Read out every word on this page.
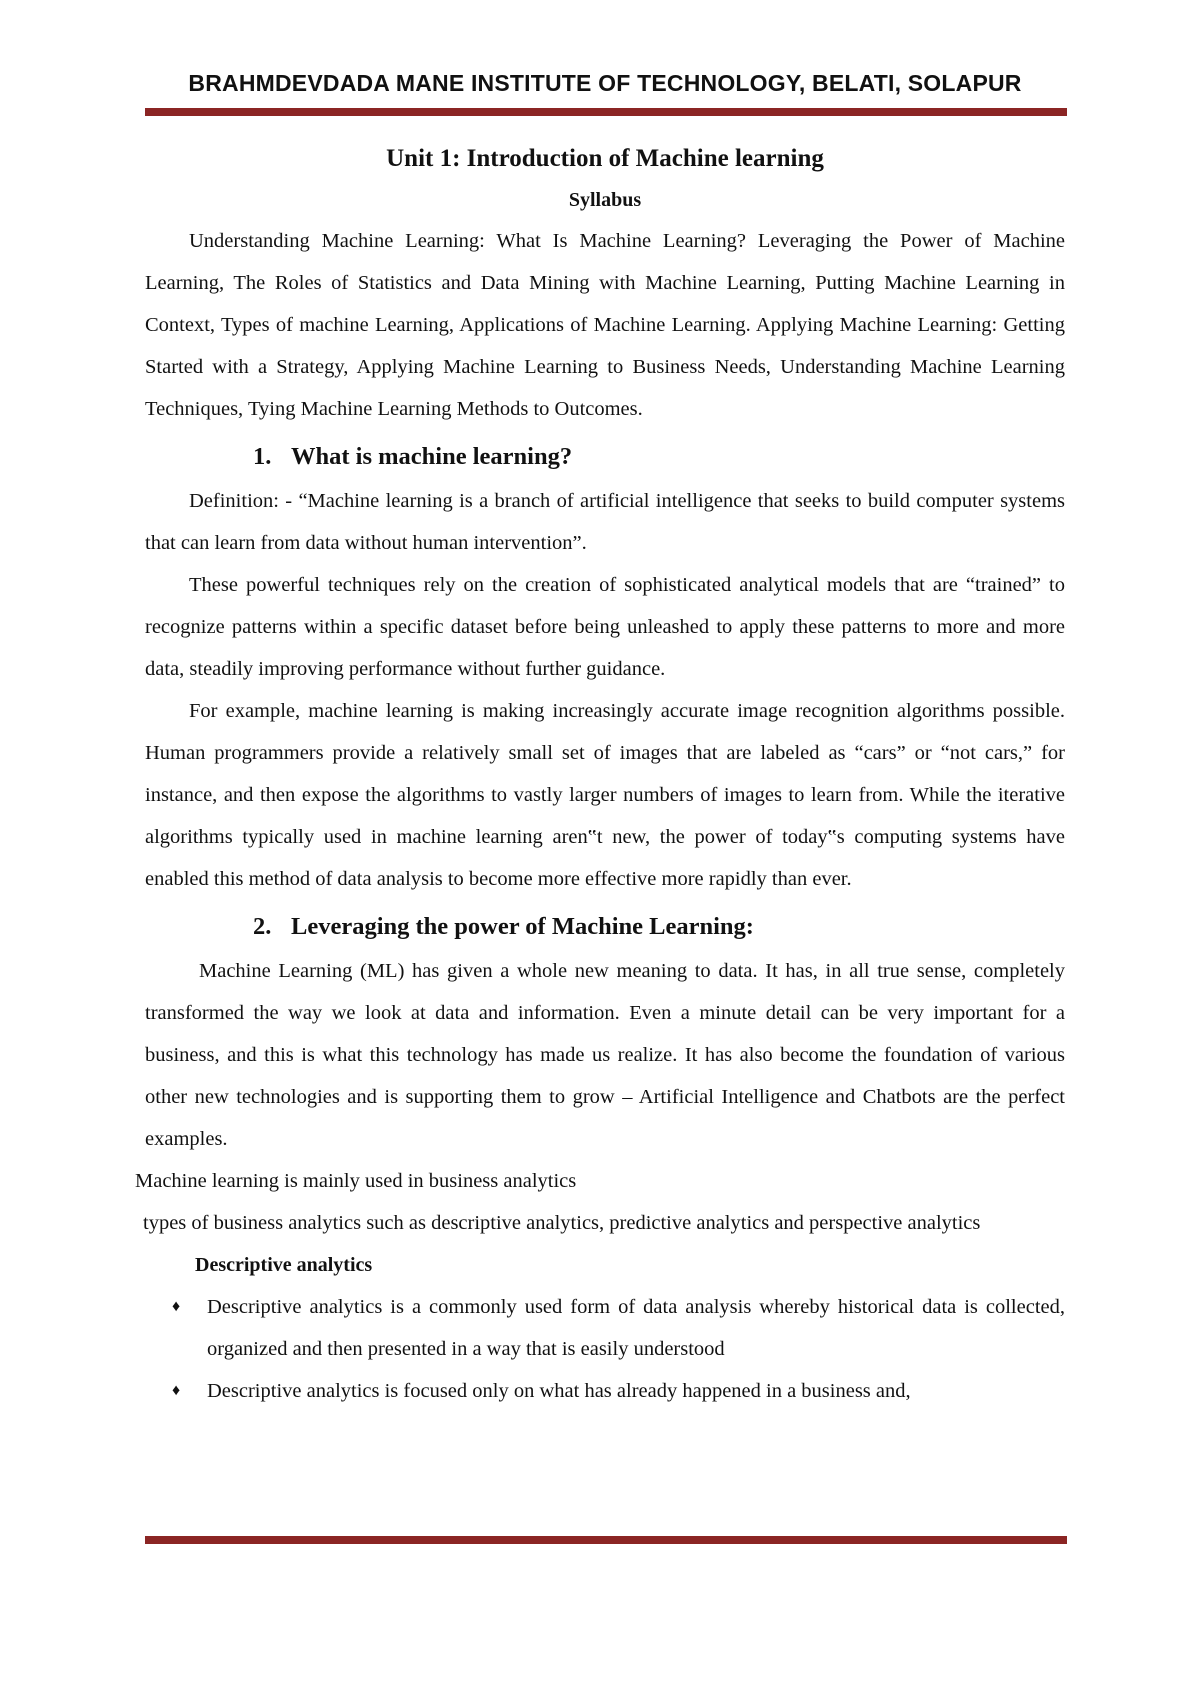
BRAHMDEVDADA MANE INSTITUTE OF TECHNOLOGY, BELATI, SOLAPUR

Unit 1: Introduction of Machine learning

Syllabus

Understanding Machine Learning: What Is Machine Learning? Leveraging the Power of Machine Learning, The Roles of Statistics and Data Mining with Machine Learning, Putting Machine Learning in Context, Types of machine Learning, Applications of Machine Learning. Applying Machine Learning: Getting Started with a Strategy, Applying Machine Learning to Business Needs, Understanding Machine Learning Techniques, Tying Machine Learning Methods to Outcomes.

1. What is machine learning?

Definition: - “Machine learning is a branch of artificial intelligence that seeks to build computer systems that can learn from data without human intervention”.

These powerful techniques rely on the creation of sophisticated analytical models that are “trained” to recognize patterns within a specific dataset before being unleashed to apply these patterns to more and more data, steadily improving performance without further guidance.

For example, machine learning is making increasingly accurate image recognition algorithms possible. Human programmers provide a relatively small set of images that are labeled as “cars” or “not cars,” for instance, and then expose the algorithms to vastly larger numbers of images to learn from. While the iterative algorithms typically used in machine learning aren‟t new, the power of today‟s computing systems have enabled this method of data analysis to become more effective more rapidly than ever.

2. Leveraging the power of Machine Learning:

Machine Learning (ML) has given a whole new meaning to data. It has, in all true sense, completely transformed the way we look at data and information. Even a minute detail can be very important for a business, and this is what this technology has made us realize. It has also become the foundation of various other new technologies and is supporting them to grow – Artificial Intelligence and Chatbots are the perfect examples.

Machine learning is mainly used in business analytics

types of business analytics such as descriptive analytics, predictive analytics and perspective analytics

Descriptive analytics

♦ Descriptive analytics is a commonly used form of data analysis whereby historical data is collected, organized and then presented in a way that is easily understood
♦ Descriptive analytics is focused only on what has already happened in a business and,
